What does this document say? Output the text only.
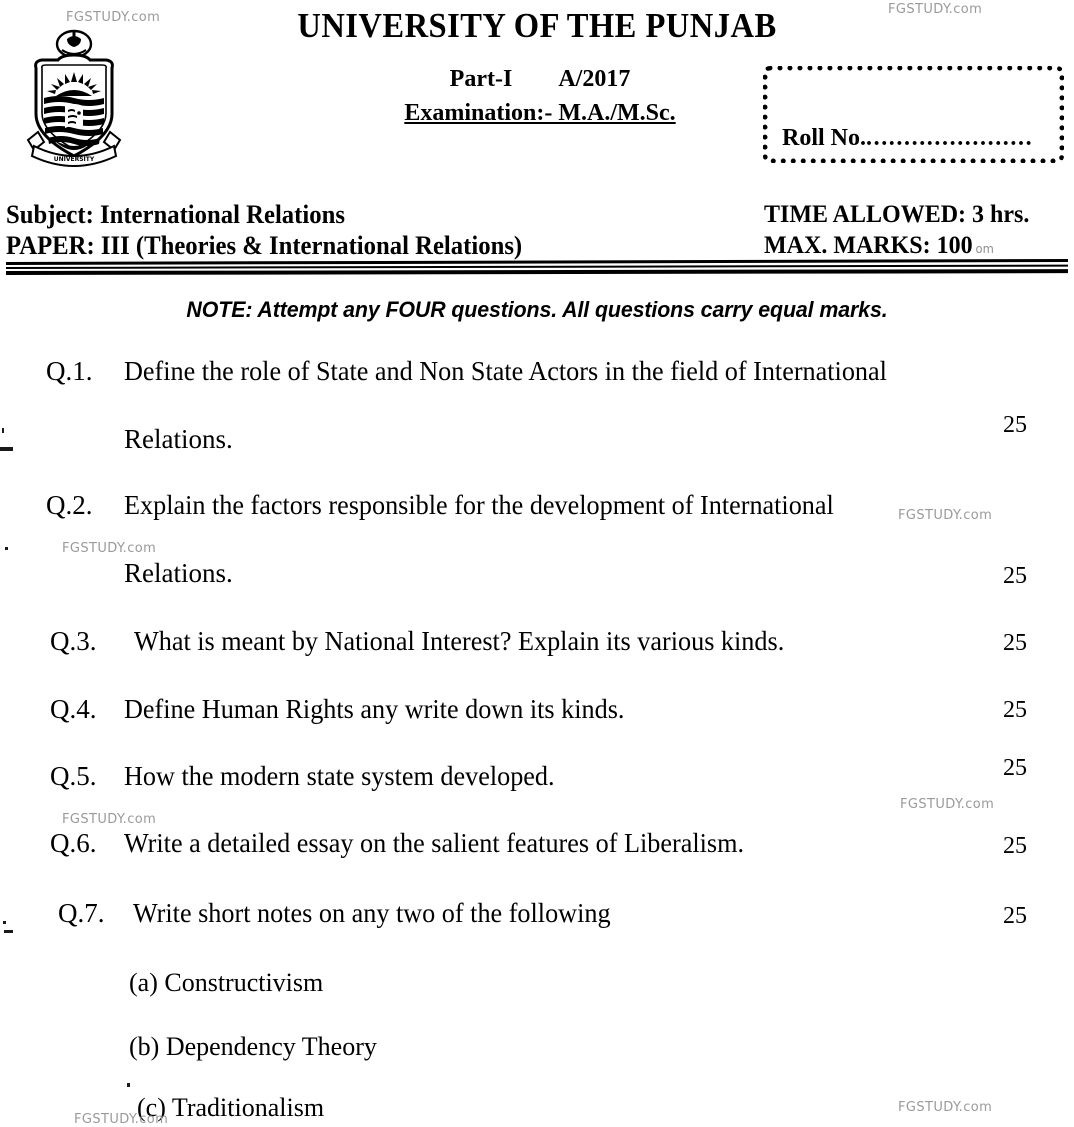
FGSTUDY.com
FGSTUDY.com
FGSTUDY.com
FGSTUDY.com
FGSTUDY.com
FGSTUDY.com
FGSTUDY.com
FGSTUDY.com
UNIVERSITY
UNIVERSITY OF THE PUNJAB
Part-I A/2017
Examination:- M.A./M.Sc.
Roll No.......................
Subject: International Relations
PAPER: III (Theories & International Relations)
TIME ALLOWED: 3 hrs.
MAX. MARKS: 100 om
NOTE: Attempt any FOUR questions. All questions carry equal marks.
Q.1. Define the role of State and Non State Actors in the field of International
Relations.	25
Q.2. Explain the factors responsible for the development of International
Relations.	25
Q.3. What is meant by National Interest? Explain its various kinds.	25
Q.4. Define Human Rights any write down its kinds.	25
Q.5. How the modern state system developed.	25
Q.6. Write a detailed essay on the salient features of Liberalism.	25
Q.7. Write short notes on any two of the following	25
(a) Constructivism
(b) Dependency Theory
(c) Traditionalism
